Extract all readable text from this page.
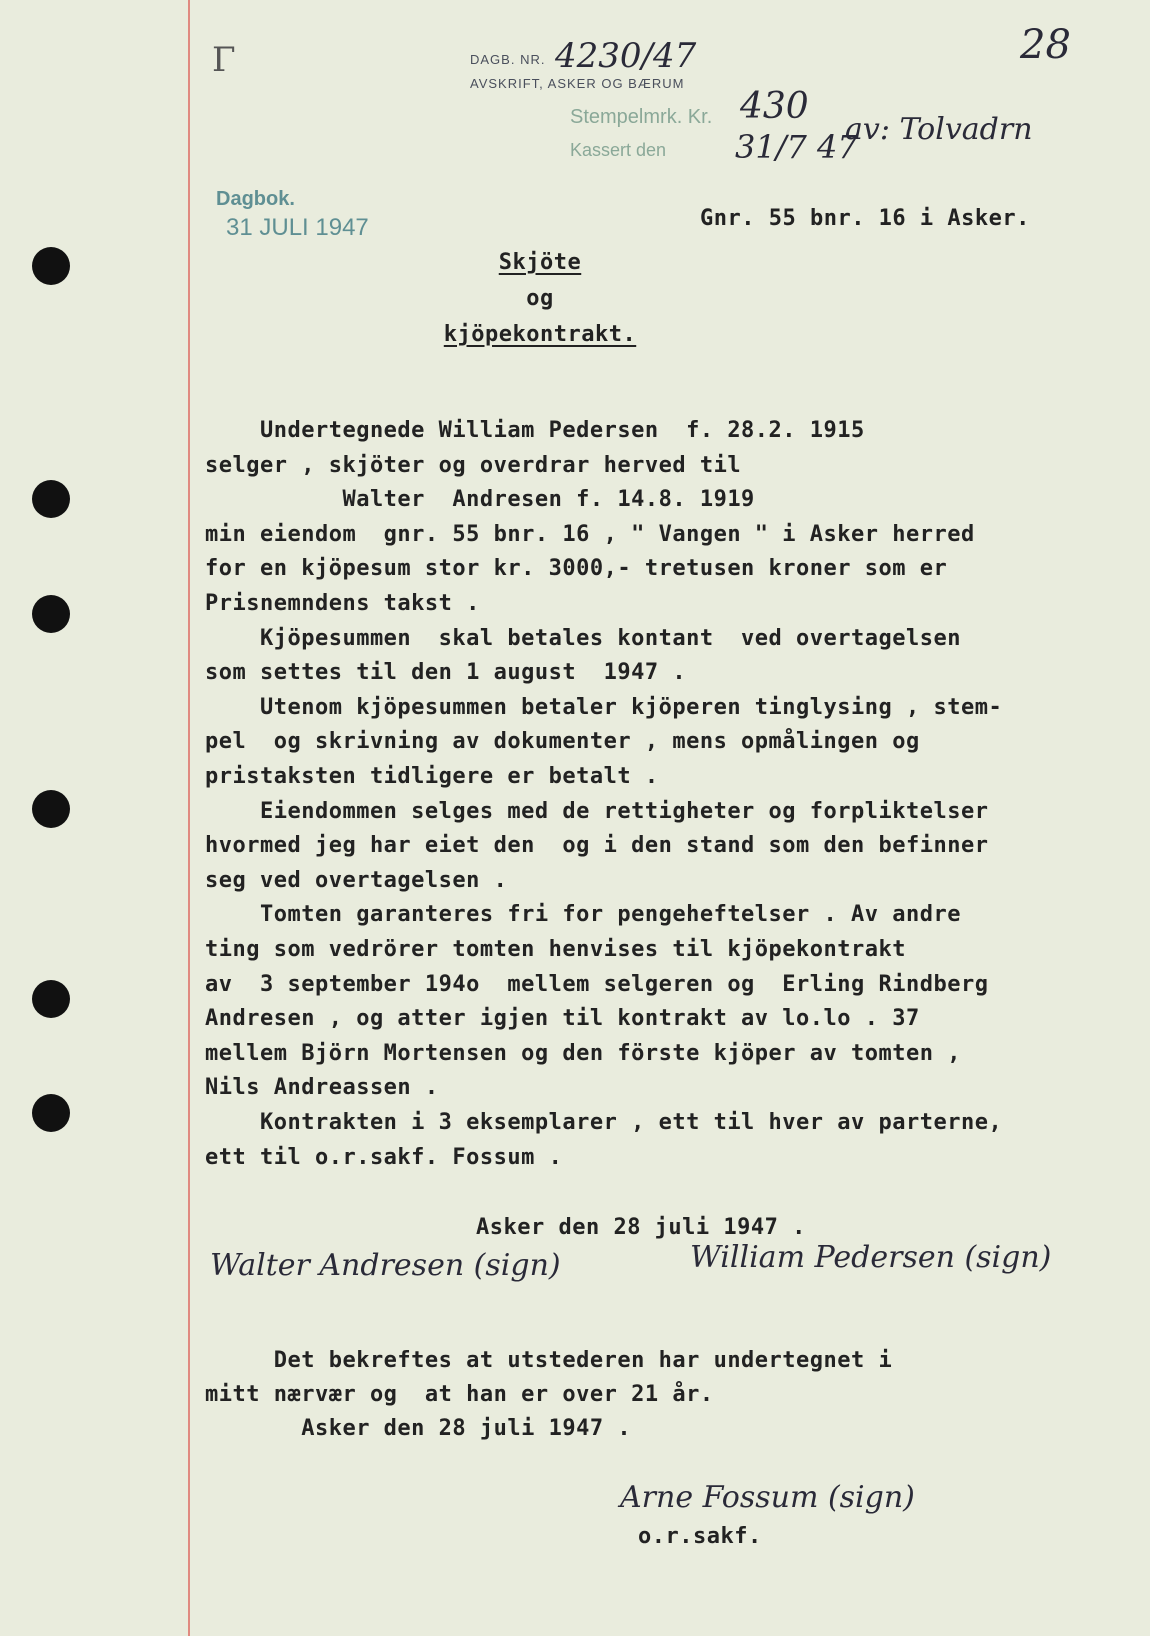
Γ	28
DAGB. NR. 4230/47
AVSKRIFT, ASKER OG BÆRUM
Stempelmrk. Kr. 430
av: Tolvadrn
Kassert den 31/7 47
Dagbok.
31 JULI 1947	Gnr. 55 bnr. 16 i Asker.
Skjöte
og
kjöpekontrakt.
Undertegnede William Pedersen  f. 28.2. 1915
selger , skjöter og overdrar herved til
Walter  Andresen f. 14.8. 1919
min eiendom  gnr. 55 bnr. 16 , " Vangen " i Asker herred
for en kjöpesum stor kr. 3000,- tretusen kroner som er
Prisnemndens takst .
Kjöpesummen  skal betales kontant  ved overtagelsen
som settes til den 1 august  1947 .
Utenom kjöpesummen betaler kjöperen tinglysing , stem-
pel  og skrivning av dokumenter , mens opmålingen og
pristaksten tidligere er betalt .
Eiendommen selges med de rettigheter og forpliktelser
hvormed jeg har eiet den  og i den stand som den befinner
seg ved overtagelsen .
Tomten garanteres fri for pengeheftelser . Av andre
ting som vedrörer tomten henvises til kjöpekontrakt
av  3 september 194o  mellem selgeren og  Erling Rindberg
Andresen , og atter igjen til kontrakt av lo.lo . 37
mellem Björn Mortensen og den förste kjöper av tomten ,
Nils Andreassen .
Kontrakten i 3 eksemplarer , ett til hver av parterne,
ett til o.r.sakf. Fossum .
Asker den 28 juli 1947 .
Walter Andresen (sign)	William Pedersen (sign)
Det bekreftes at utstederen har undertegnet i
mitt nærvær og  at han er over 21 år.
Asker den 28 juli 1947 .
Arne Fossum (sign)
o.r.sakf.
